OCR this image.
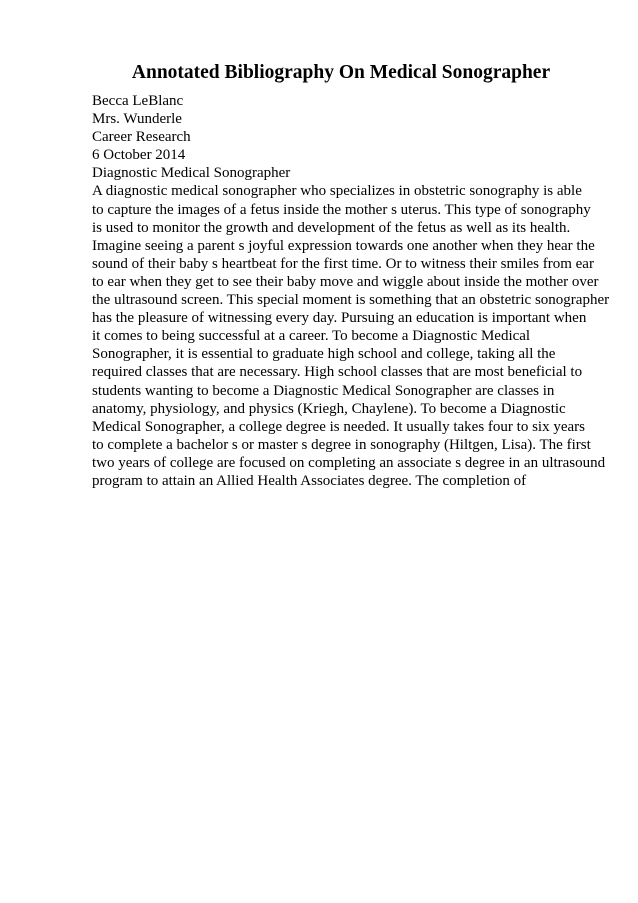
Annotated Bibliography On Medical Sonographer
Becca LeBlanc
Mrs. Wunderle
Career Research
6 October 2014
Diagnostic Medical Sonographer
A diagnostic medical sonographer who specializes in obstetric sonography is able
to capture the images of a fetus inside the mother s uterus. This type of sonography
is used to monitor the growth and development of the fetus as well as its health.
Imagine seeing a parent s joyful expression towards one another when they hear the
sound of their baby s heartbeat for the first time. Or to witness their smiles from ear
to ear when they get to see their baby move and wiggle about inside the mother over
the ultrasound screen. This special moment is something that an obstetric sonographer
has the pleasure of witnessing every day. Pursuing an education is important when
it comes to being successful at a career. To become a Diagnostic Medical
Sonographer, it is essential to graduate high school and college, taking all the
required classes that are necessary. High school classes that are most beneficial to
students wanting to become a Diagnostic Medical Sonographer are classes in
anatomy, physiology, and physics (Kriegh, Chaylene). To become a Diagnostic
Medical Sonographer, a college degree is needed. It usually takes four to six years
to complete a bachelor s or master s degree in sonography (Hiltgen, Lisa). The first
two years of college are focused on completing an associate s degree in an ultrasound
program to attain an Allied Health Associates degree. The completion of
